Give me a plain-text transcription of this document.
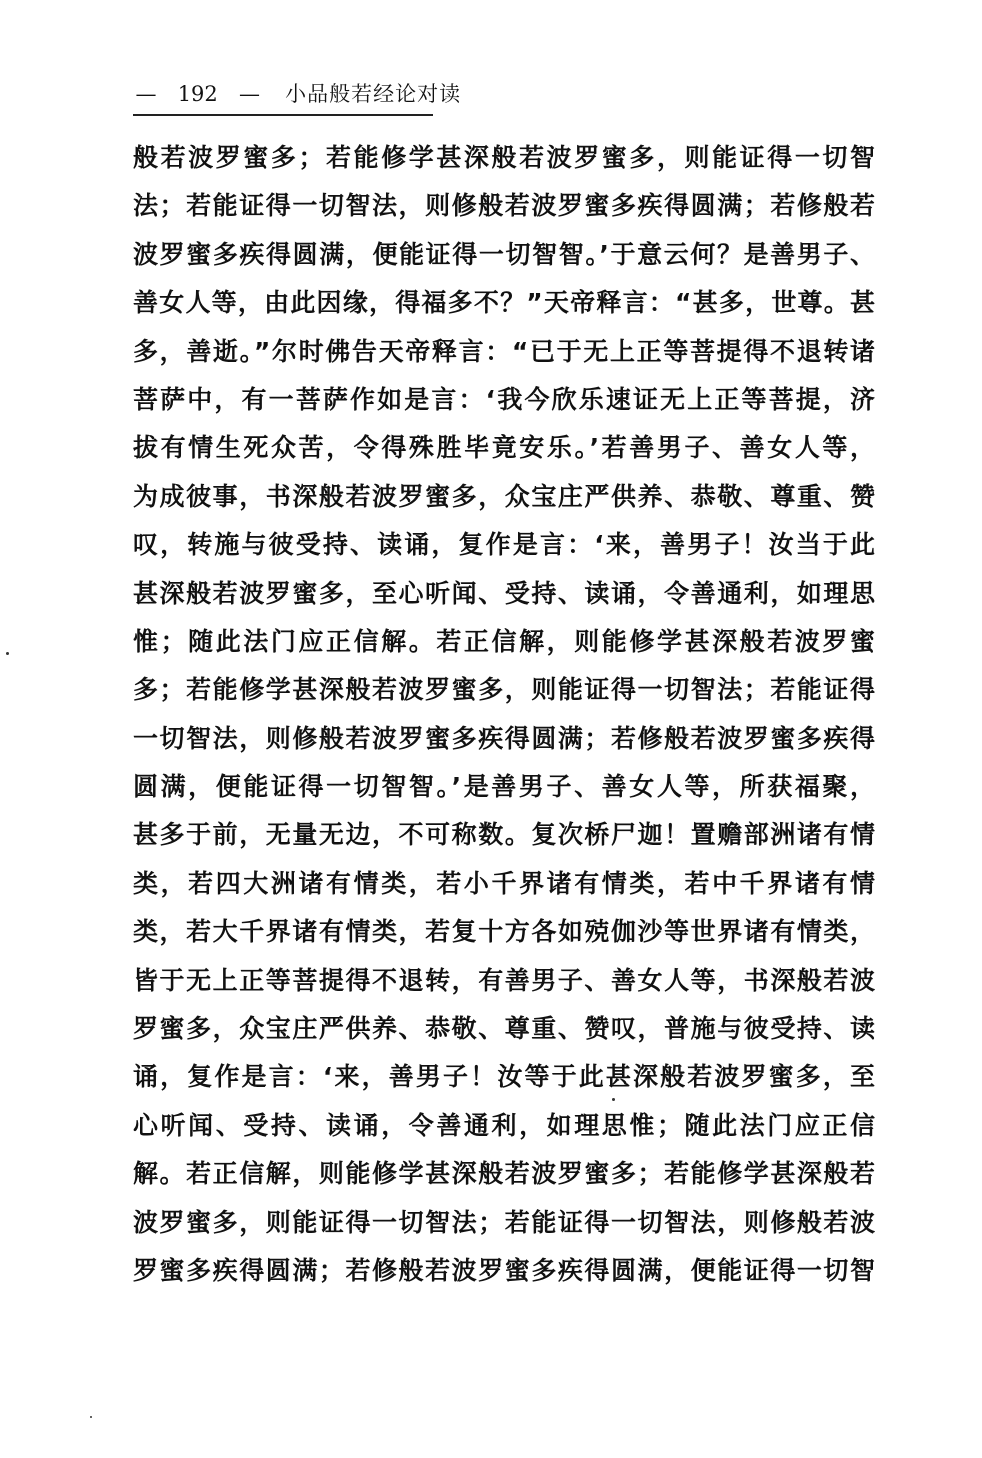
— 192 — 小品般若经论对读
般若波罗蜜多；若能修学甚深般若波罗蜜多，则能证得一切智
法；若能证得一切智法，则修般若波罗蜜多疾得圆满；若修般若
波罗蜜多疾得圆满，便能证得一切智智。’于意云何？是善男子、
善女人等，由此因缘，得福多不？”天帝释言：“甚多，世尊。甚
多，善逝。”尔时佛告天帝释言：“已于无上正等菩提得不退转诸
菩萨中，有一菩萨作如是言：‘我今欣乐速证无上正等菩提，济
拔有情生死众苦，令得殊胜毕竟安乐。’若善男子、善女人等，
为成彼事，书深般若波罗蜜多，众宝庄严供养、恭敬、尊重、赞
叹，转施与彼受持、读诵，复作是言：‘来，善男子！汝当于此
甚深般若波罗蜜多，至心听闻、受持、读诵，令善通利，如理思
惟；随此法门应正信解。若正信解，则能修学甚深般若波罗蜜
多；若能修学甚深般若波罗蜜多，则能证得一切智法；若能证得
一切智法，则修般若波罗蜜多疾得圆满；若修般若波罗蜜多疾得
圆满，便能证得一切智智。’是善男子、善女人等，所获福聚，
甚多于前，无量无边，不可称数。复次桥尸迦！置赡部洲诸有情
类，若四大洲诸有情类，若小千界诸有情类，若中千界诸有情
类，若大千界诸有情类，若复十方各如殑伽沙等世界诸有情类，
皆于无上正等菩提得不退转，有善男子、善女人等，书深般若波
罗蜜多，众宝庄严供养、恭敬、尊重、赞叹，普施与彼受持、读
诵，复作是言：‘来，善男子！汝等于此甚深般若波罗蜜多，至
心听闻、受持、读诵，令善通利，如理思惟；随此法门应正信
解。若正信解，则能修学甚深般若波罗蜜多；若能修学甚深般若
波罗蜜多，则能证得一切智法；若能证得一切智法，则修般若波
罗蜜多疾得圆满；若修般若波罗蜜多疾得圆满，便能证得一切智
